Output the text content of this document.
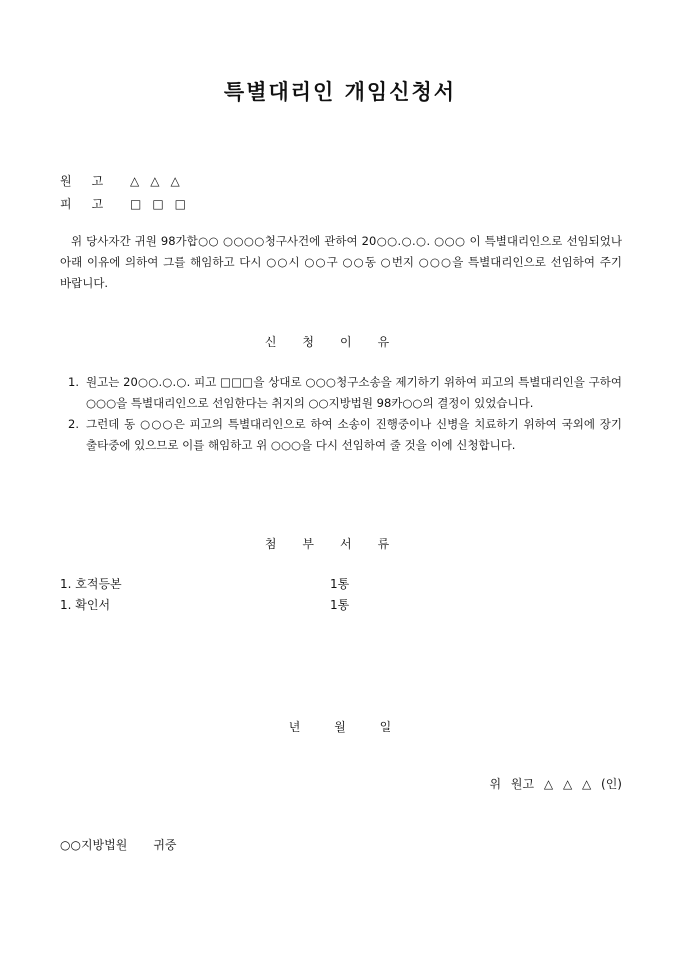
특별대리인 개임신청서
원고 △△△
피고 □□□
위 당사자간 귀원 98가합○○ ○○○○청구사건에 관하여 20○○.○.○. ○○○ 이 특별대리인으로 선임되었나 아래 이유에 의하여 그를 해임하고 다시 ○○시 ○○구 ○○동 ○번지 ○○○을 특별대리인으로 선임하여 주기 바랍니다.
신청이유
1. 원고는 20○○.○.○. 피고 □□□을 상대로 ○○○청구소송을 제기하기 위하여 피고의 특별대리인을 구하여 ○○○을 특별대리인으로 선임한다는 취지의 ○○지방법원 98카○○의 결정이 있었습니다.
2. 그런데 동 ○○○은 피고의 특별대리인으로 하여 소송이 진행중이나 신병을 치료하기 위하여 국외에 장기 출타중에 있으므로 이를 해임하고 위 ○○○을 다시 선임하여 줄 것을 이에 신청합니다.
첨부서류
1. 호적등본	1통
1. 확인서	1통
년 월 일
위 원고 △ △ △ (인)
○○지방법원 귀중
